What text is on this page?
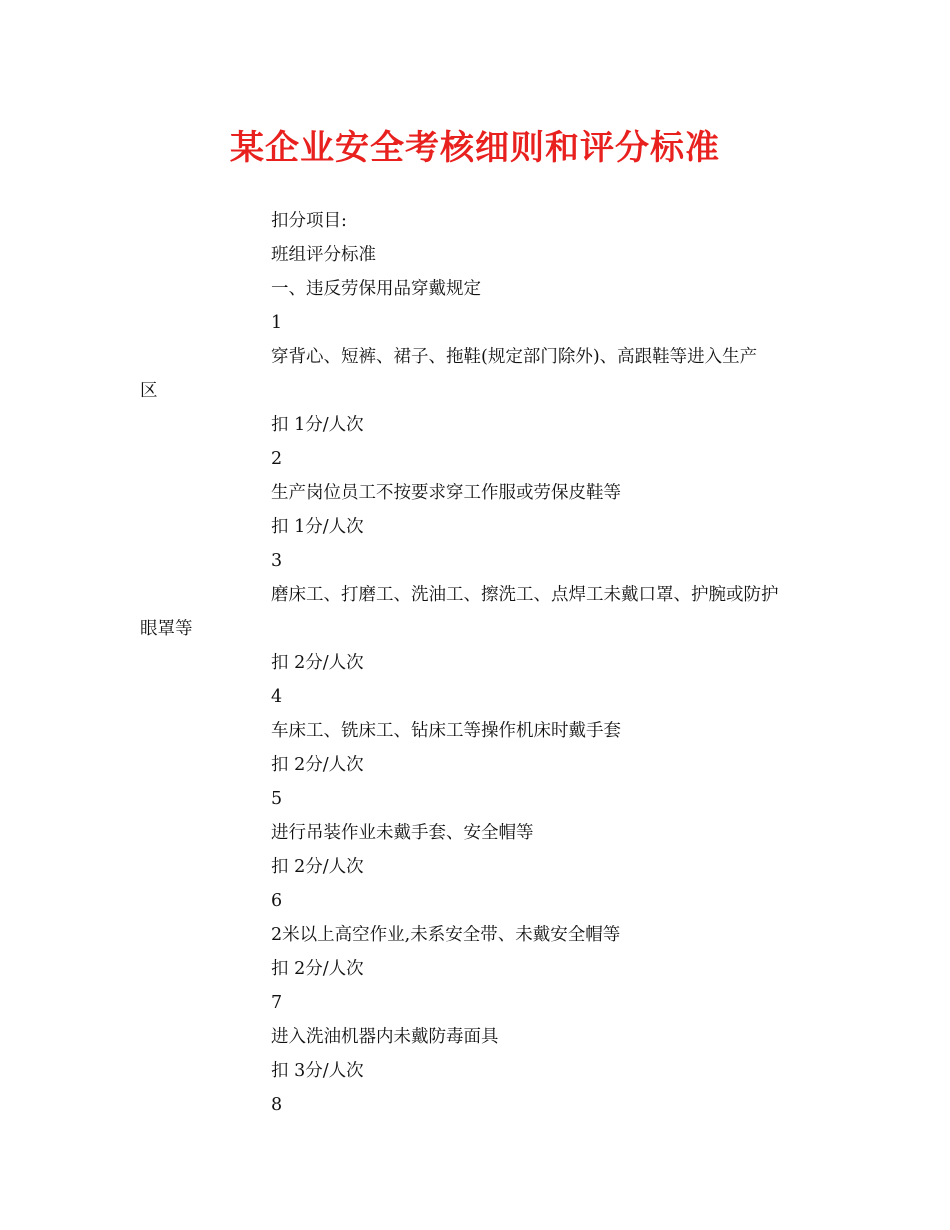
某企业安全考核细则和评分标准
扣分项目:
班组评分标准
一、违反劳保用品穿戴规定
1
穿背心、短裤、裙子、拖鞋(规定部门除外)、高跟鞋等进入生产
区
扣 1分/人次
2
生产岗位员工不按要求穿工作服或劳保皮鞋等
扣 1分/人次
3
磨床工、打磨工、洗油工、擦洗工、点焊工未戴口罩、护腕或防护
眼罩等
扣 2分/人次
4
车床工、铣床工、钻床工等操作机床时戴手套
扣 2分/人次
5
进行吊装作业未戴手套、安全帽等
扣 2分/人次
6
2米以上高空作业,未系安全带、未戴安全帽等
扣 2分/人次
7
进入洗油机器内未戴防毒面具
扣 3分/人次
8
